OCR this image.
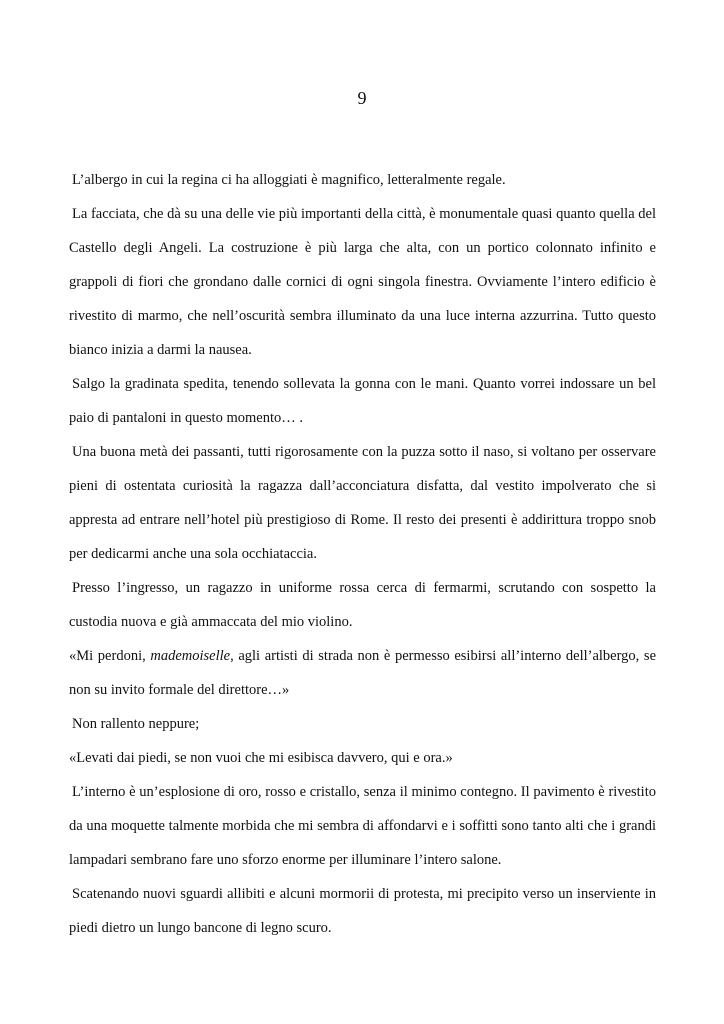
9

L’albergo in cui la regina ci ha alloggiati è magnifico, letteralmente regale.

La facciata, che dà su una delle vie più importanti della città, è monumentale quasi quanto quella del Castello degli Angeli. La costruzione è più larga che alta, con un portico colonnato infinito e grappoli di fiori che grondano dalle cornici di ogni singola finestra. Ovviamente l’intero edificio è rivestito di marmo, che nell’oscurità sembra illuminato da una luce interna azzurrina. Tutto questo bianco inizia a darmi la nausea.

Salgo la gradinata spedita, tenendo sollevata la gonna con le mani. Quanto vorrei indossare un bel paio di pantaloni in questo momento… .

Una buona metà dei passanti, tutti rigorosamente con la puzza sotto il naso, si voltano per osservare pieni di ostentata curiosità la ragazza dall’acconciatura disfatta, dal vestito impolverato che si appresta ad entrare nell’hotel più prestigioso di Rome. Il resto dei presenti è addirittura troppo snob per dedicarmi anche una sola occhiataccia.

Presso l’ingresso, un ragazzo in uniforme rossa cerca di fermarmi, scrutando con sospetto la custodia nuova e già ammaccata del mio violino.

«Mi perdoni, mademoiselle, agli artisti di strada non è permesso esibirsi all’interno dell’albergo, se non su invito formale del direttore…»

Non rallento neppure;

«Levati dai piedi, se non vuoi che mi esibisca davvero, qui e ora.»

L’interno è un’esplosione di oro, rosso e cristallo, senza il minimo contegno. Il pavimento è rivestito da una moquette talmente morbida che mi sembra di affondarvi e i soffitti sono tanto alti che i grandi lampadari sembrano fare uno sforzo enorme per illuminare l’intero salone.

Scatenando nuovi sguardi allibiti e alcuni mormorii di protesta, mi precipito verso un inserviente in piedi dietro un lungo bancone di legno scuro.
